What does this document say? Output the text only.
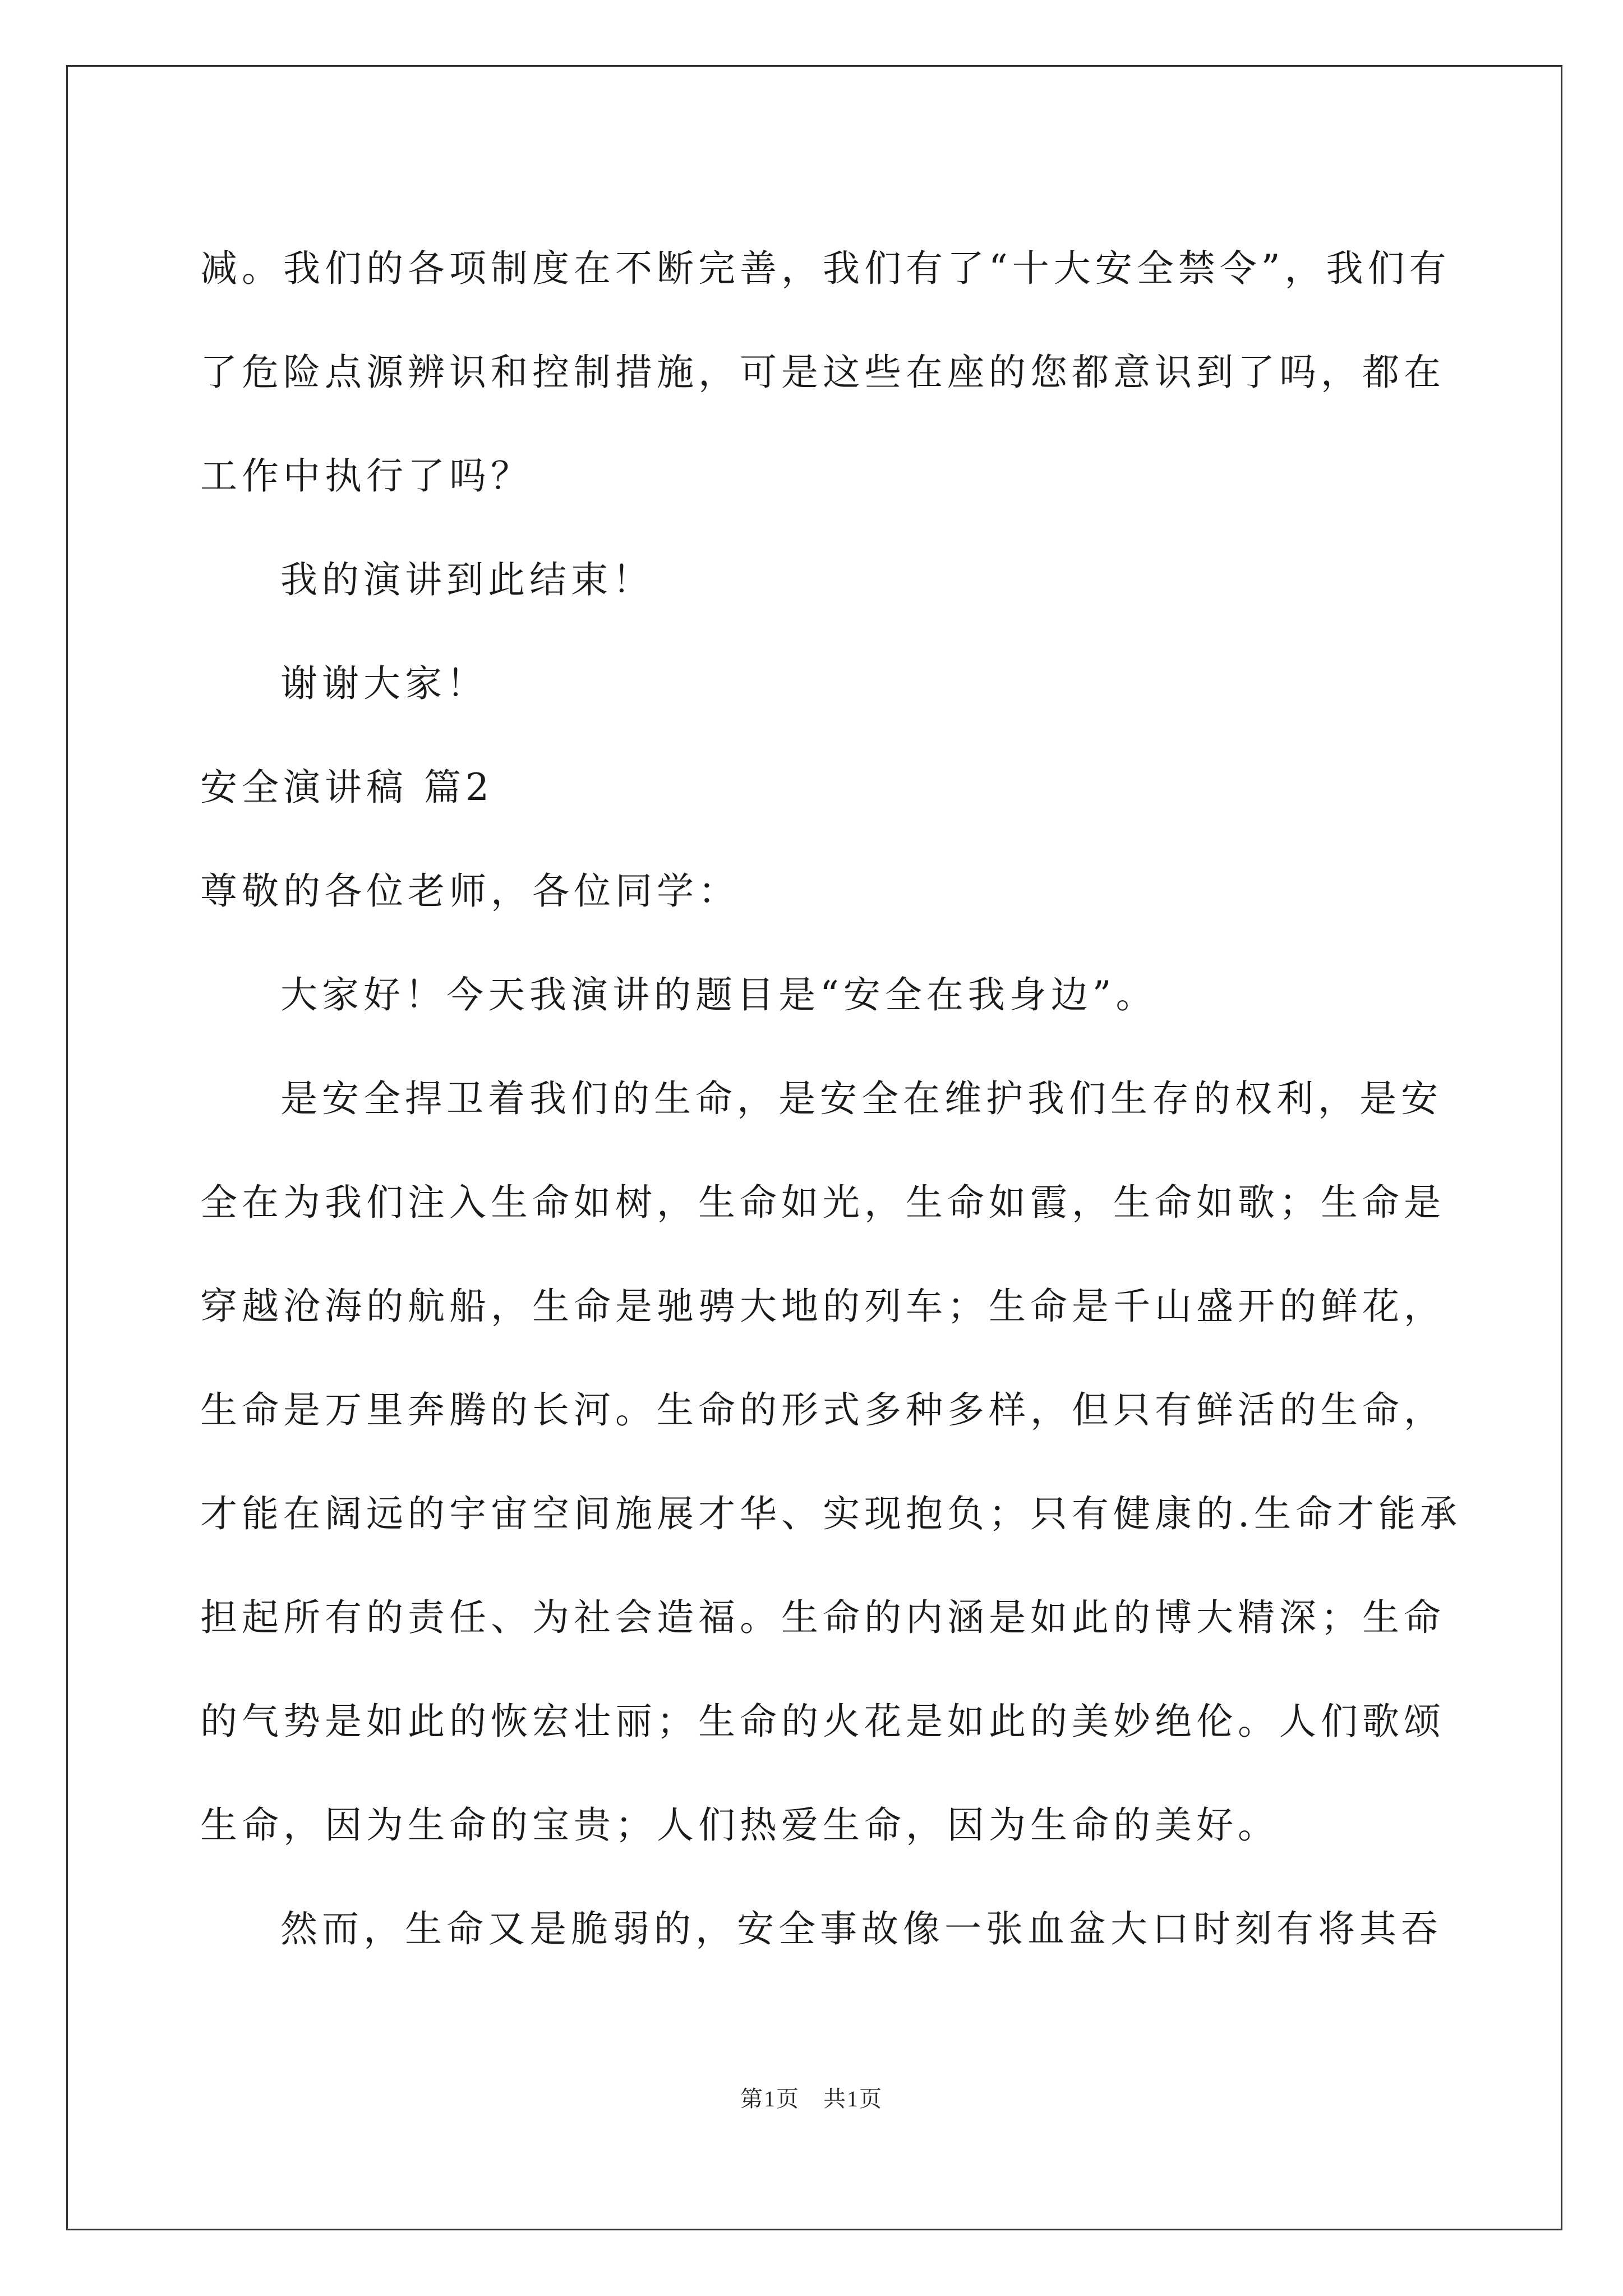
减。我们的各项制度在不断完善，我们有了“十大安全禁令”，我们有
了危险点源辨识和控制措施，可是这些在座的您都意识到了吗，都在
工作中执行了吗？
我的演讲到此结束！
谢谢大家！
安全演讲稿 篇2
尊敬的各位老师，各位同学：
大家好！今天我演讲的题目是“安全在我身边”。
是安全捍卫着我们的生命，是安全在维护我们生存的权利，是安
全在为我们注入生命如树，生命如光，生命如霞，生命如歌；生命是
穿越沧海的航船，生命是驰骋大地的列车；生命是千山盛开的鲜花，
生命是万里奔腾的长河。生命的形式多种多样，但只有鲜活的生命，
才能在阔远的宇宙空间施展才华、实现抱负；只有健康的.生命才能承
担起所有的责任、为社会造福。生命的内涵是如此的博大精深；生命
的气势是如此的恢宏壮丽；生命的火花是如此的美妙绝伦。人们歌颂
生命，因为生命的宝贵；人们热爱生命，因为生命的美好。
然而，生命又是脆弱的，安全事故像一张血盆大口时刻有将其吞
第1页　共1页
